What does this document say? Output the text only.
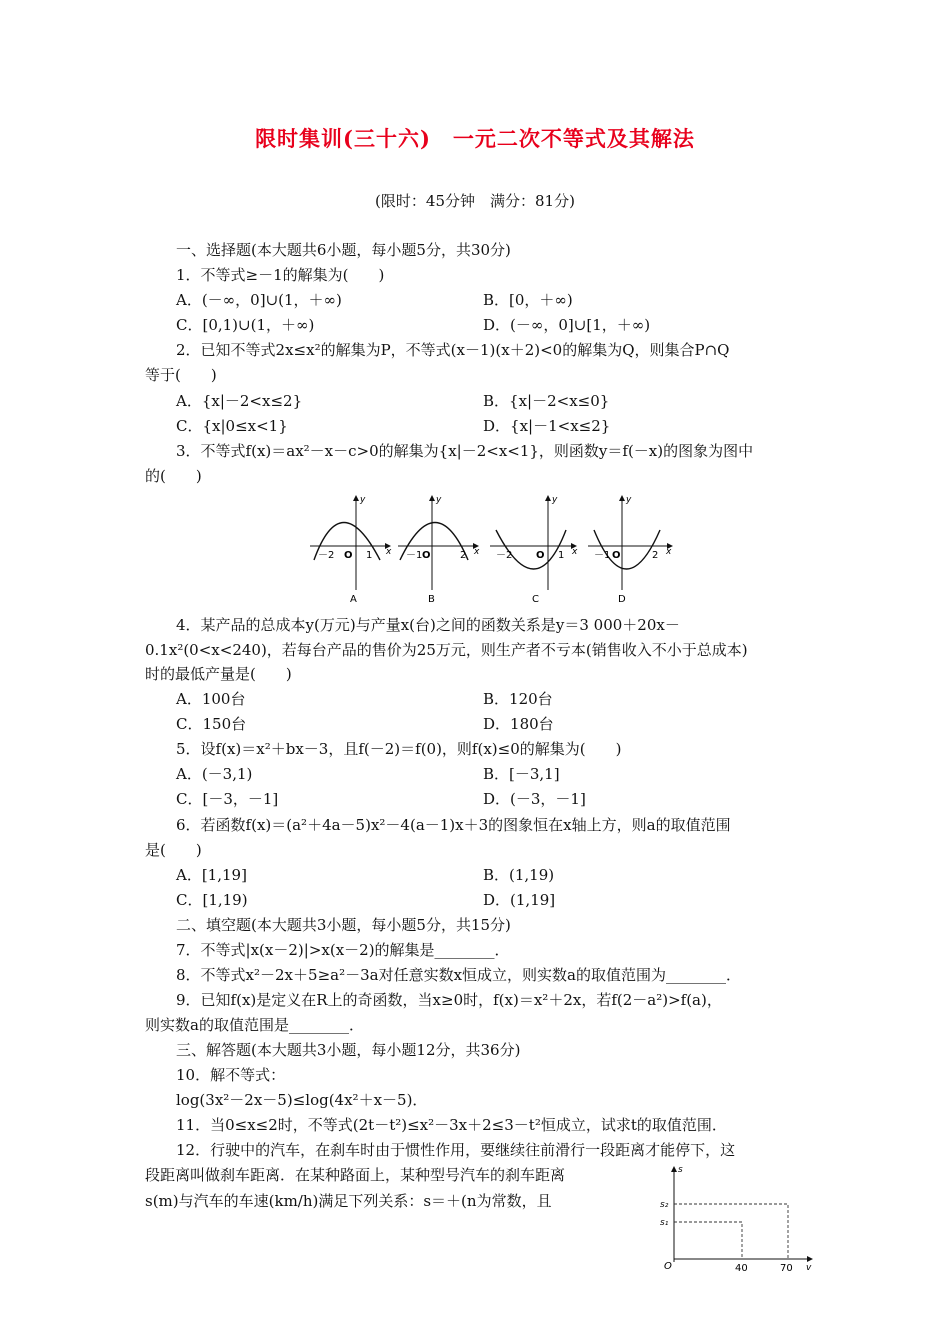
限时集训(三十六)　一元二次不等式及其解法
(限时：45分钟　满分：81分)
一、选择题(本大题共6小题，每小题5分，共30分)
1．不等式≥－1的解集为(　　)
A．(－∞，0]∪(1，＋∞)	B．[0，＋∞)
C．[0,1)∪(1，＋∞)	D．(－∞，0]∪[1，＋∞)
2．已知不等式2x≤x²的解集为P，不等式(x－1)(x＋2)<0的解集为Q，则集合P∩Q
等于(　　)
A．{x|－2<x≤2}	B．{x|－2<x≤0}
C．{x|0≤x<1}	D．{x|－1<x≤2}
3．不等式f(x)＝ax²－x－c>0的解集为{x|－2<x<1}，则函数y＝f(－x)的图象为图中
的(　　)
－2 O 1 x
y
A
－1 O	2 x
y
B
－2 O 1 x
y
C
－1 O	2 x
y
D
4．某产品的总成本y(万元)与产量x(台)之间的函数关系是y＝3 000＋20x－
0.1x²(0<x<240)，若每台产品的售价为25万元，则生产者不亏本(销售收入不小于总成本)
时的最低产量是(　　)
A．100台	B．120台
C．150台	D．180台
5．设f(x)＝x²＋bx－3，且f(－2)＝f(0)，则f(x)≤0的解集为(　　)
A．(－3,1)	B．[－3,1]
C．[－3，－1]	D．(－3，－1]
6．若函数f(x)＝(a²＋4a－5)x²－4(a－1)x＋3的图象恒在x轴上方，则a的取值范围
是(　　)
A．[1,19]	B．(1,19)
C．[1,19)	D．(1,19]
二、填空题(本大题共3小题，每小题5分，共15分)
7．不等式|x(x－2)|>x(x－2)的解集是________．
8．不等式x²－2x＋5≥a²－3a对任意实数x恒成立，则实数a的取值范围为________．
9．已知f(x)是定义在R上的奇函数，当x≥0时，f(x)＝x²＋2x，若f(2－a²)>f(a)，
则实数a的取值范围是________．
三、解答题(本大题共3小题，每小题12分，共36分)
10．解不等式：
log(3x²－2x－5)≤log(4x²＋x－5)．
11．当0≤x≤2时，不等式(2t－t²)≤x²－3x＋2≤3－t²恒成立，试求t的取值范围．
12．行驶中的汽车，在刹车时由于惯性作用，要继续往前滑行一段距离才能停下，这
段距离叫做刹车距离．在某种路面上，某种型号汽车的刹车距离
s(m)与汽车的车速(km/h)满足下列关系：s＝＋(n为常数，且
s
s₂
s₁
O	40	70 v
